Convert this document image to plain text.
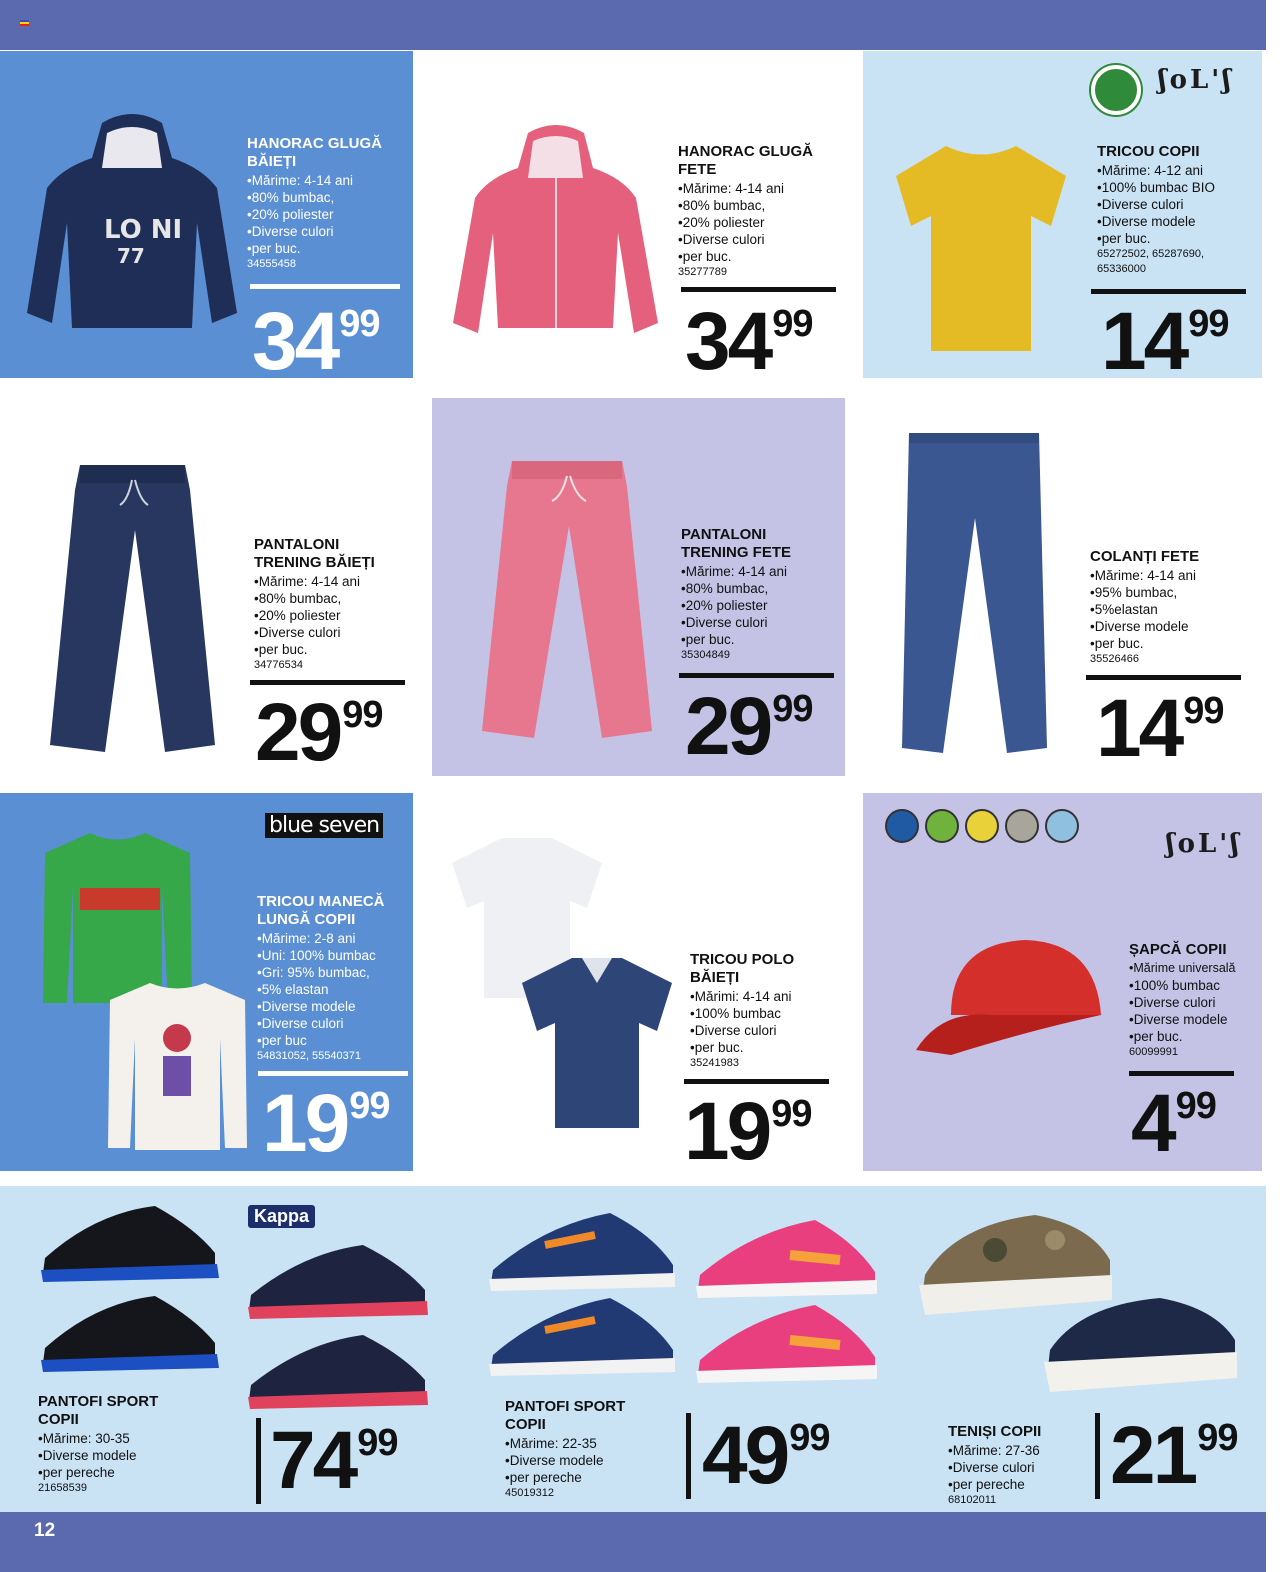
LO NI
77
HANORAC GLUGĂ
BĂIEȚI
• Mărime: 4-14 ani
• 80% bumbac,
• 20% poliester
• Diverse culori
• per buc.
34555458
3499
HANORAC GLUGĂ
FETE
• Mărime: 4-14 ani
• 80% bumbac,
• 20% poliester
• Diverse culori
• per buc.
35277789
3499
ʃoL'ʃ
TRICOU COPII
• Mărime: 4-12 ani
• 100% bumbac BIO
• Diverse culori
• Diverse modele
• per buc.
65272502, 65287690,
65336000
1499
PANTALONI
TRENING BĂIEȚI
• Mărime: 4-14 ani
• 80% bumbac,
• 20% poliester
• Diverse culori
• per buc.
34776534
2999
PANTALONI
TRENING FETE
• Mărime: 4-14 ani
• 80% bumbac,
• 20% poliester
• Diverse culori
• per buc.
35304849
2999
COLANȚI FETE
• Mărime: 4-14 ani
• 95% bumbac,
• 5%elastan
• Diverse modele
• per buc.
35526466
1499
blue seven
TRICOU MANECĂ
LUNGĂ COPII
• Mărime: 2-8 ani
• Uni: 100% bumbac
• Gri: 95% bumbac,
• 5% elastan
• Diverse modele
• Diverse culori
• per buc
54831052, 55540371
1999
TRICOU POLO
BĂIEȚI
• Mărimi: 4-14 ani
• 100% bumbac
• Diverse culori
• per buc.
35241983
1999
ʃoL'ʃ
ȘAPCĂ COPII
• Mărime universală
• 100% bumbac
• Diverse culori
• Diverse modele
• per buc.
60099991
499
Kappa
PANTOFI SPORT
COPII
• Mărime: 30-35
• Diverse modele
• per pereche
21658539	7499
PANTOFI SPORT
COPII
• Mărime: 22-35
• Diverse modele
• per pereche
45019312	4999	TENIȘI COPII
• Mărime: 27-36
• Diverse culori
• per pereche
68102011	2199
12
